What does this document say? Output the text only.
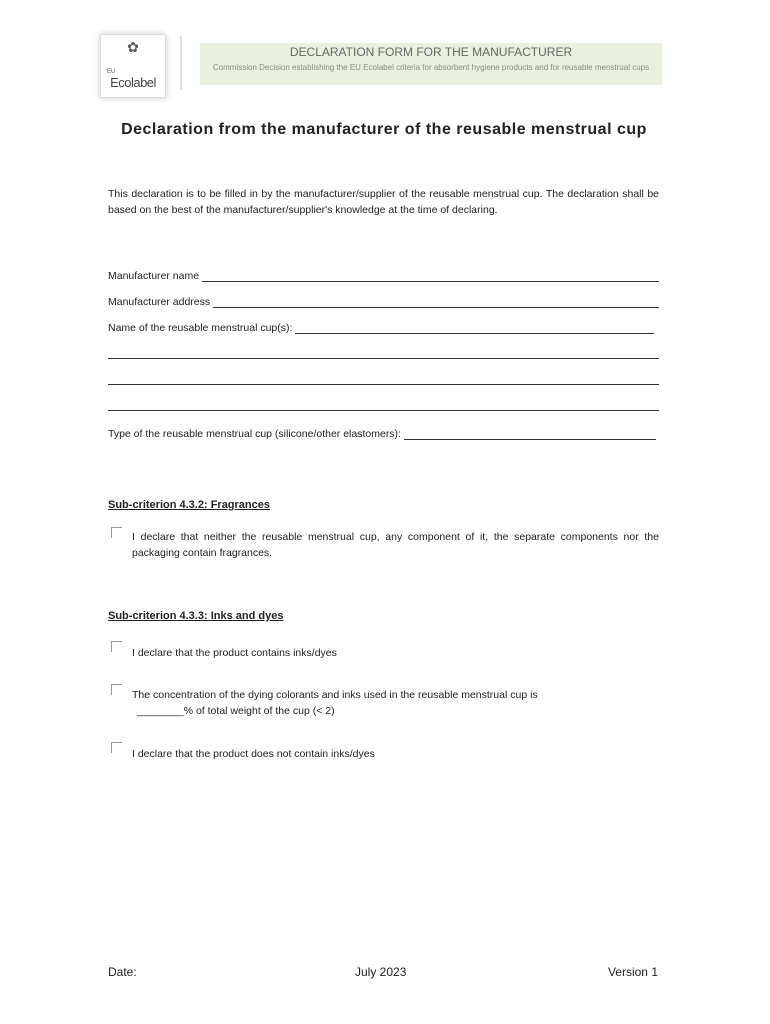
✿
EU
Ecolabel
DECLARATION FORM FOR THE MANUFACTURER
Commission Decision establishing the EU Ecolabel criteria for absorbent hygiene products and for reusable menstrual cups
Declaration from the manufacturer of the reusable menstrual cup
This declaration is to be filled in by the manufacturer/supplier of the reusable menstrual cup. The declaration shall be based on the best of the manufacturer/supplier's knowledge at the time of declaring.
Manufacturer name
Manufacturer address
Name of the reusable menstrual cup(s):
Type of the reusable menstrual cup (silicone/other elastomers):
Sub-criterion 4.3.2: Fragrances
I declare that neither the reusable menstrual cup, any component of it, the separate components nor the packaging contain fragrances.
Sub-criterion 4.3.3: Inks and dyes
I declare that the product contains inks/dyes
The concentration of the dying colorants and inks used in the reusable menstrual cup is
________% of total weight of the cup (< 2)
I declare that the product does not contain inks/dyes
Date:	July 2023	Version 1
